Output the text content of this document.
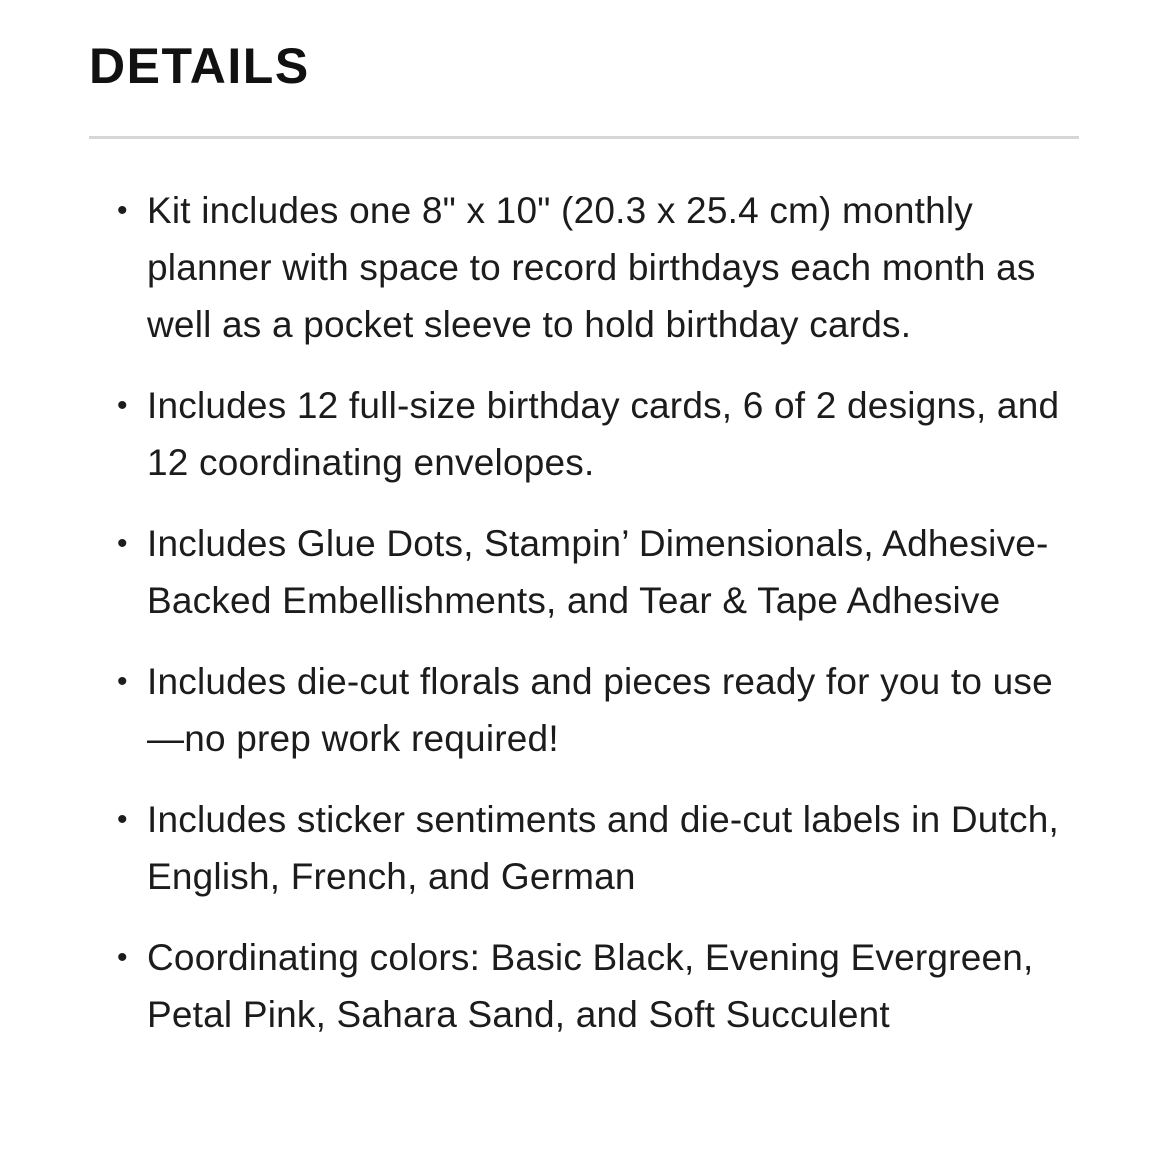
DETAILS
• Kit includes one 8" x 10" (20.3 x 25.4 cm) monthly planner with space to record birthdays each month as well as a pocket sleeve to hold birthday cards.
• Includes 12 full-size birthday cards, 6 of 2 designs, and 12 coordinating envelopes.
• Includes Glue Dots, Stampin’ Dimensionals, Adhesive-Backed Embellishments, and Tear & Tape Adhesive
• Includes die-cut florals and pieces ready for you to use—no prep work required!
• Includes sticker sentiments and die-cut labels in Dutch, English, French, and German
• Coordinating colors: Basic Black, Evening Evergreen, Petal Pink, Sahara Sand, and Soft Succulent
